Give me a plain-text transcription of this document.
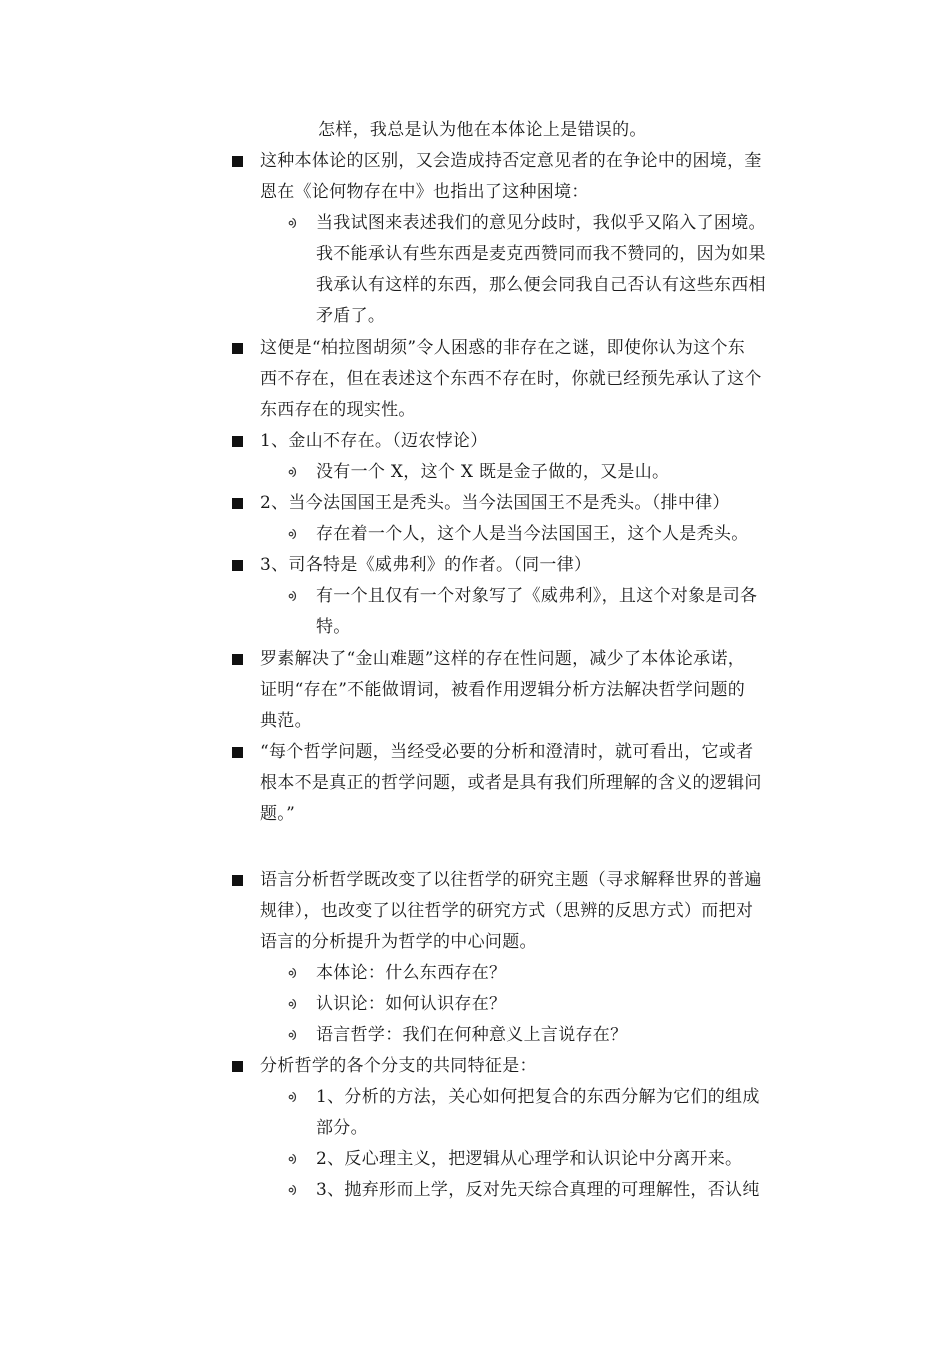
怎样，我总是认为他在本体论上是错误的。
这种本体论的区别，又会造成持否定意见者的在争论中的困境，奎
恩在《论何物存在中》也指出了这种困境：
ᢀ 当我试图来表述我们的意见分歧时，我似乎又陷入了困境。
我不能承认有些东西是麦克西赞同而我不赞同的，因为如果
我承认有这样的东西，那么便会同我自己否认有这些东西相
矛盾了。
这便是“柏拉图胡须”令人困惑的非存在之谜，即使你认为这个东
西不存在，但在表述这个东西不存在时，你就已经预先承认了这个
东西存在的现实性。
1、金山不存在。（迈农悖论）
ᢀ 没有一个 X，这个 X 既是金子做的，又是山。
2、当今法国国王是秃头。当今法国国王不是秃头。（排中律）
ᢀ 存在着一个人，这个人是当今法国国王，这个人是秃头。
3、司各特是《威弗利》的作者。（同一律）
ᢀ 有一个且仅有一个对象写了《威弗利》，且这个对象是司各
特。
罗素解决了“金山难题”这样的存在性问题，减少了本体论承诺，
证明“存在”不能做谓词，被看作用逻辑分析方法解决哲学问题的
典范。
“每个哲学问题，当经受必要的分析和澄清时，就可看出，它或者
根本不是真正的哲学问题，或者是具有我们所理解的含义的逻辑问
题。”
语言分析哲学既改变了以往哲学的研究主题（寻求解释世界的普遍
规律），也改变了以往哲学的研究方式（思辨的反思方式）而把对
语言的分析提升为哲学的中心问题。
ᢀ 本体论：什么东西存在？
ᢀ 认识论：如何认识存在？
ᢀ 语言哲学：我们在何种意义上言说存在？
分析哲学的各个分支的共同特征是：
ᢀ 1、分析的方法，关心如何把复合的东西分解为它们的组成
部分。
ᢀ 2、反心理主义，把逻辑从心理学和认识论中分离开来。
ᢀ 3、抛弃形而上学，反对先天综合真理的可理解性，否认纯
